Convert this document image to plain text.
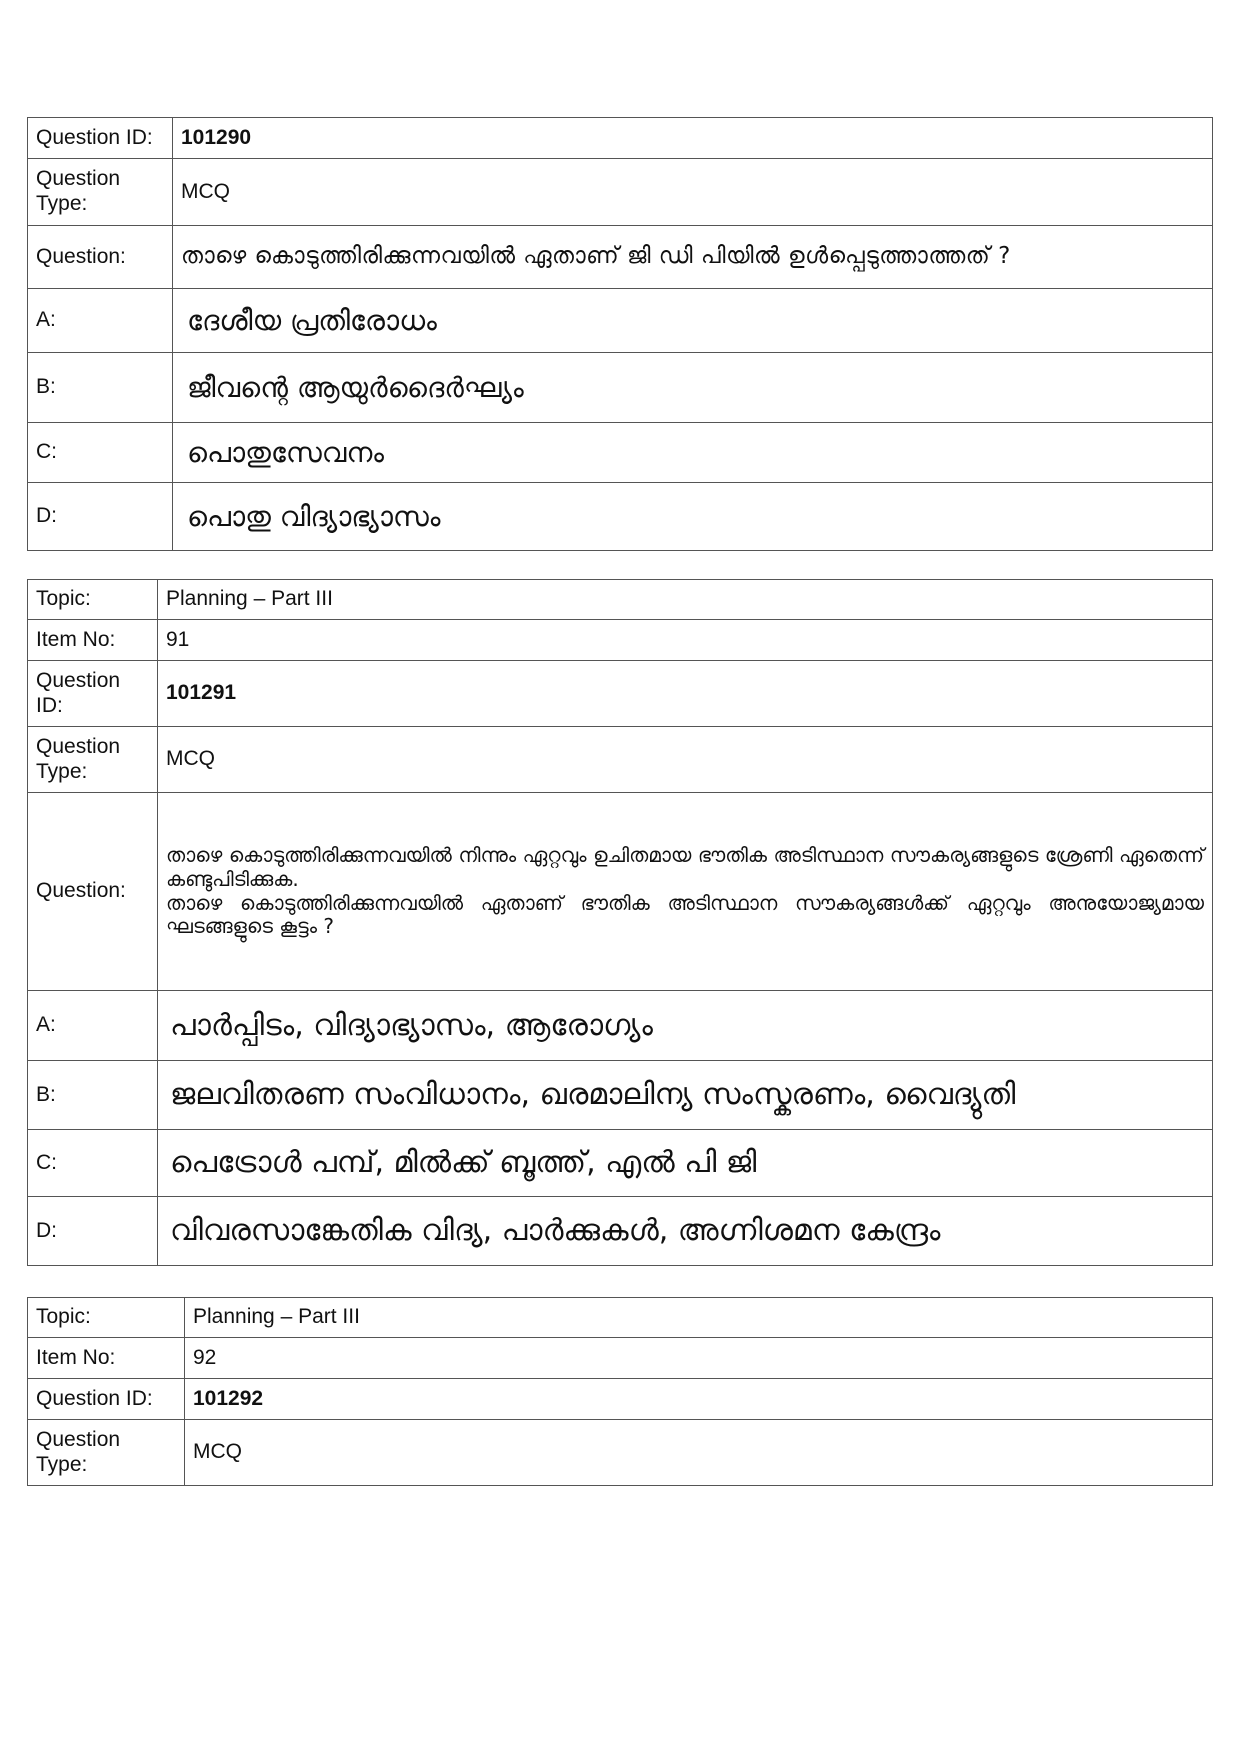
Question ID:	101290
Question Type:	MCQ
Question:	താഴെ കൊടുത്തിരിക്കുന്നവയിൽ ഏതാണ് ജി ഡി പിയിൽ ഉൾപ്പെടുത്താത്തത് ?
A:	ദേശീയ പ്രതിരോധം
B:	ജീവന്റെ ആയുർദൈർഘ്യം
C:	പൊതുസേവനം
D:	പൊതു വിദ്യാഭ്യാസം
Topic:	Planning – Part III
Item No:	91
Question ID:	101291
Question Type:	MCQ
Question:	താഴെ കൊടുത്തിരിക്കുന്നവയിൽ നിന്നും ഏറ്റവും ഉചിതമായ ഭൗതിക അടിസ്ഥാന സൗകര്യങ്ങളുടെ ശ്രേണി ഏതെന്ന് കണ്ടുപിടിക്കുക.
താഴെ കൊടുത്തിരിക്കുന്നവയിൽ ഏതാണ് ഭൗതിക അടിസ്ഥാന സൗകര്യങ്ങൾക്ക് ഏറ്റവും അനുയോജ്യമായ ഘടങ്ങളുടെ കൂട്ടം ?

A:	പാർപ്പിടം, വിദ്യാഭ്യാസം, ആരോഗ്യം
B:	ജലവിതരണ സംവിധാനം, ഖരമാലിന്യ സംസ്കരണം, വൈദ്യുതി
C:	പെട്രോൾ പമ്പ്, മിൽക്ക് ബൂത്ത്, എൽ പി ജി
D:	വിവരസാങ്കേതിക വിദ്യ, പാർക്കുകൾ, അഗ്നിശമന കേന്ദ്രം
Topic:	Planning – Part III
Item No:	92
Question ID:	101292
Question Type:	MCQ
